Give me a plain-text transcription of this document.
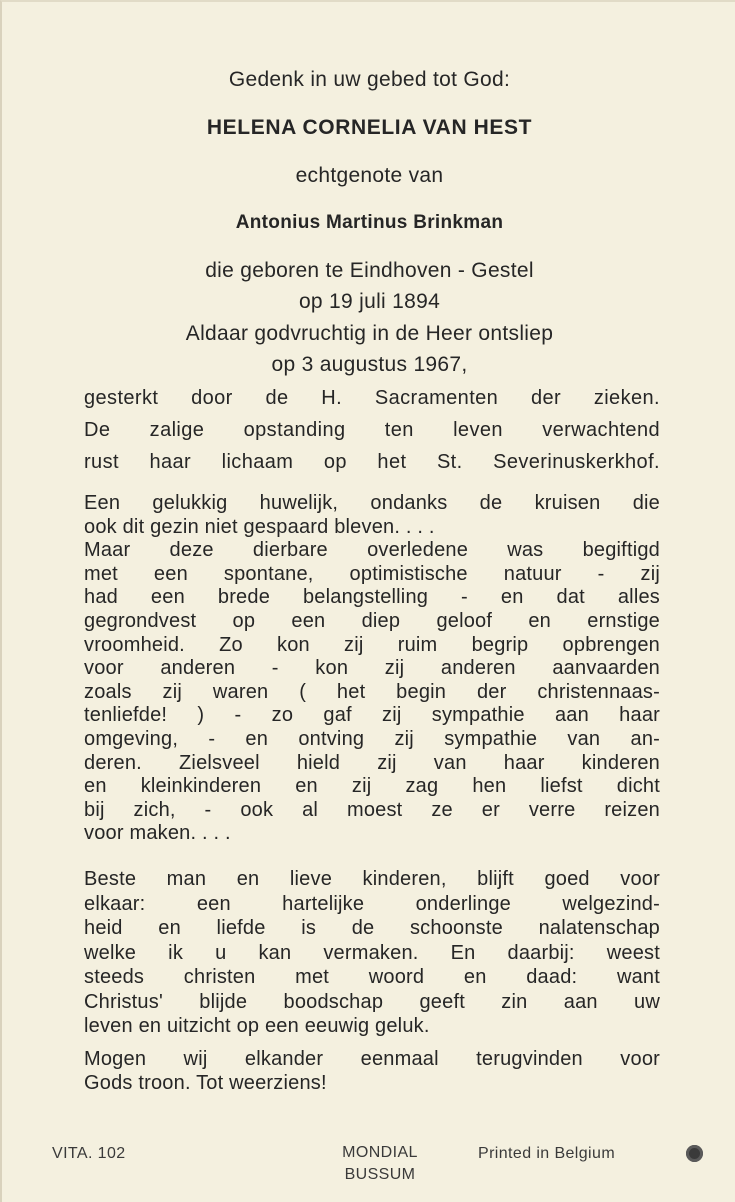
Gedenk in uw gebed tot God:
HELENA CORNELIA VAN HEST
echtgenote van
Antonius Martinus Brinkman
die geboren te Eindhoven - Gestel
op 19 juli 1894
Aldaar godvruchtig in de Heer ontsliep
op 3 augustus 1967,
gesterkt door de H. Sacramenten der zieken.
De zalige opstanding ten leven verwachtend
rust haar lichaam op het St. Severinuskerkhof.
Een gelukkig huwelijk, ondanks de kruisen die
ook dit gezin niet gespaard bleven. . . .
Maar deze dierbare overledene was begiftigd
met een spontane, optimistische natuur - zij
had een brede belangstelling - en dat alles
gegrondvest op een diep geloof en ernstige
vroomheid. Zo kon zij ruim begrip opbrengen
voor anderen - kon zij anderen aanvaarden
zoals zij waren ( het begin der christennaas-
tenliefde! ) - zo gaf zij sympathie aan haar
omgeving, - en ontving zij sympathie van an-
deren. Zielsveel hield zij van haar kinderen
en kleinkinderen en zij zag hen liefst dicht
bij zich, - ook al moest ze er verre reizen
voor maken. . . .
Beste man en lieve kinderen, blijft goed voor
elkaar: een hartelijke onderlinge welgezind-
heid en liefde is de schoonste nalatenschap
welke ik u kan vermaken. En daarbij: weest
steeds christen met woord en daad: want
Christus' blijde boodschap geeft zin aan uw
leven en uitzicht op een eeuwig geluk.
Mogen wij elkander eenmaal terugvinden voor
Gods troon. Tot weerziens!
VITA. 102	MONDIAL
BUSSUM
Printed in Belgium
